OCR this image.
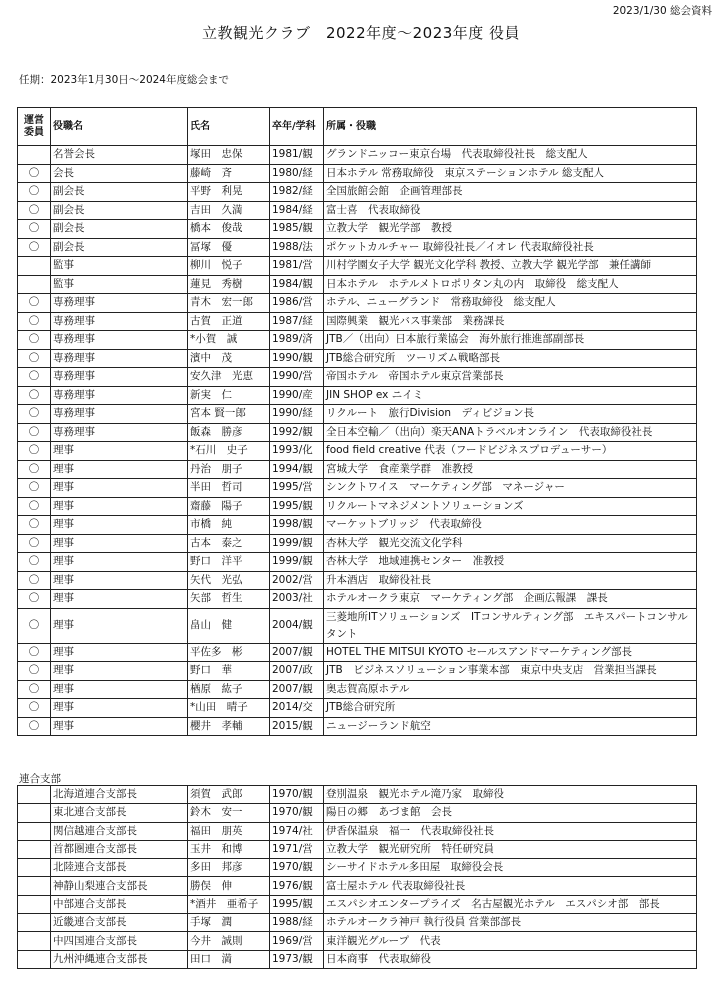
2023/1/30 総会資料
立教観光クラブ　2022年度～2023年度 役員
任期：2023年1月30日～2024年度総会まで
運営
委員	役職名	氏名	卒年/学科	所属・役職
	名誉会長	塚田　忠保	1981/観	グランドニッコー東京台場　代表取締役社長　総支配人
〇	会長	藤崎　斉	1980/経	日本ホテル 常務取締役　東京ステーションホテル 総支配人
〇	副会長	平野　利晃	1982/経	全国旅館会館　企画管理部長
〇	副会長	吉田　久満	1984/経	富士喜　代表取締役
〇	副会長	橋本　俊哉	1985/観	立教大学　観光学部　教授
〇	副会長	冨塚　優	1988/法	ポケットカルチャー 取締役社長／イオレ 代表取締役社長
	監事	柳川　悦子	1981/営	川村学園女子大学 観光文化学科 教授、立教大学 観光学部　兼任講師
	監事	蓮見　秀樹	1984/観	日本ホテル　ホテルメトロポリタン丸の内　取締役　総支配人
〇	専務理事	青木　宏一郎	1986/営	ホテル、ニューグランド　常務取締役　総支配人
〇	専務理事	古賀　正道	1987/経	国際興業　観光バス事業部　業務課長
〇	専務理事	*小賀　誠	1989/済	JTB／（出向）日本旅行業協会　海外旅行推進部副部長
〇	専務理事	濱中　茂	1990/観	JTB総合研究所　ツーリズム戦略部長
〇	専務理事	安久津　光恵	1990/営	帝国ホテル　帝国ホテル東京営業部長
〇	専務理事	新実　仁	1990/産	JIN SHOP ex ニイミ
〇	専務理事	宮本 賢一郎	1990/経	リクルート　旅行Division　ディビジョン長
〇	専務理事	飯森　勝彦	1992/観	全日本空輸／（出向）楽天ANAトラベルオンライン　代表取締役社長
〇	理事	*石川　史子	1993/化	food field creative 代表（フードビジネスプロデューサー）
〇	理事	丹治　朋子	1994/観	宮城大学　食産業学群　准教授
〇	理事	半田　哲司	1995/営	シンクトワイス　マーケティング部　マネージャー
〇	理事	齋藤　陽子	1995/観	リクルートマネジメントソリューションズ
〇	理事	市橋　純	1998/観	マーケットブリッジ　代表取締役
〇	理事	古本　泰之	1999/観	杏林大学　観光交流文化学科
〇	理事	野口　洋平	1999/観	杏林大学　地域連携センター　准教授
〇	理事	矢代　光弘	2002/営	升本酒店　取締役社長
〇	理事	矢部　哲生	2003/社	ホテルオークラ東京　マーケティング部　企画広報課　課長
〇	理事	畠山　健	2004/観	三菱地所ITソリューションズ　ITコンサルティング部　エキスパートコンサルタント
〇	理事	平佐多　彬	2007/観	HOTEL THE MITSUI KYOTO セールスアンドマーケティング部長
〇	理事	野口　華	2007/政	JTB　ビジネスソリューション事業本部　東京中央支店　営業担当課長
〇	理事	楢原　紘子	2007/観	奥志賀高原ホテル
〇	理事	*山田　晴子	2014/交	JTB総合研究所
〇	理事	櫻井　孝輔	2015/観	ニュージーランド航空
連合支部
	北海道連合支部長	須賀　武郎	1970/観	登別温泉　観光ホテル滝乃家　取締役
	東北連合支部長	鈴木　安一	1970/観	陽日の郷　あづま館　会長
	関信越連合支部長	福田　朋英	1974/社	伊香保温泉　福一　代表取締役社長
	首都圏連合支部長	玉井　和博	1971/営	立教大学　観光研究所　特任研究員
	北陸連合支部長	多田　邦彦	1970/観	シーサイドホテル多田屋　取締役会長
	神静山梨連合支部長	勝俣　伸	1976/観	富士屋ホテル 代表取締役社長
	中部連合支部長	*酒井　亜希子	1995/観	エスパシオエンタープライズ　名古屋観光ホテル　エスパシオ部　部長
	近畿連合支部長	手塚　潤	1988/経	ホテルオークラ神戸 執行役員 営業部部長
	中四国連合支部長	今井　誠則	1969/営	東洋観光グループ　代表
	九州沖縄連合支部長	田口　満	1973/観	日本商事　代表取締役
